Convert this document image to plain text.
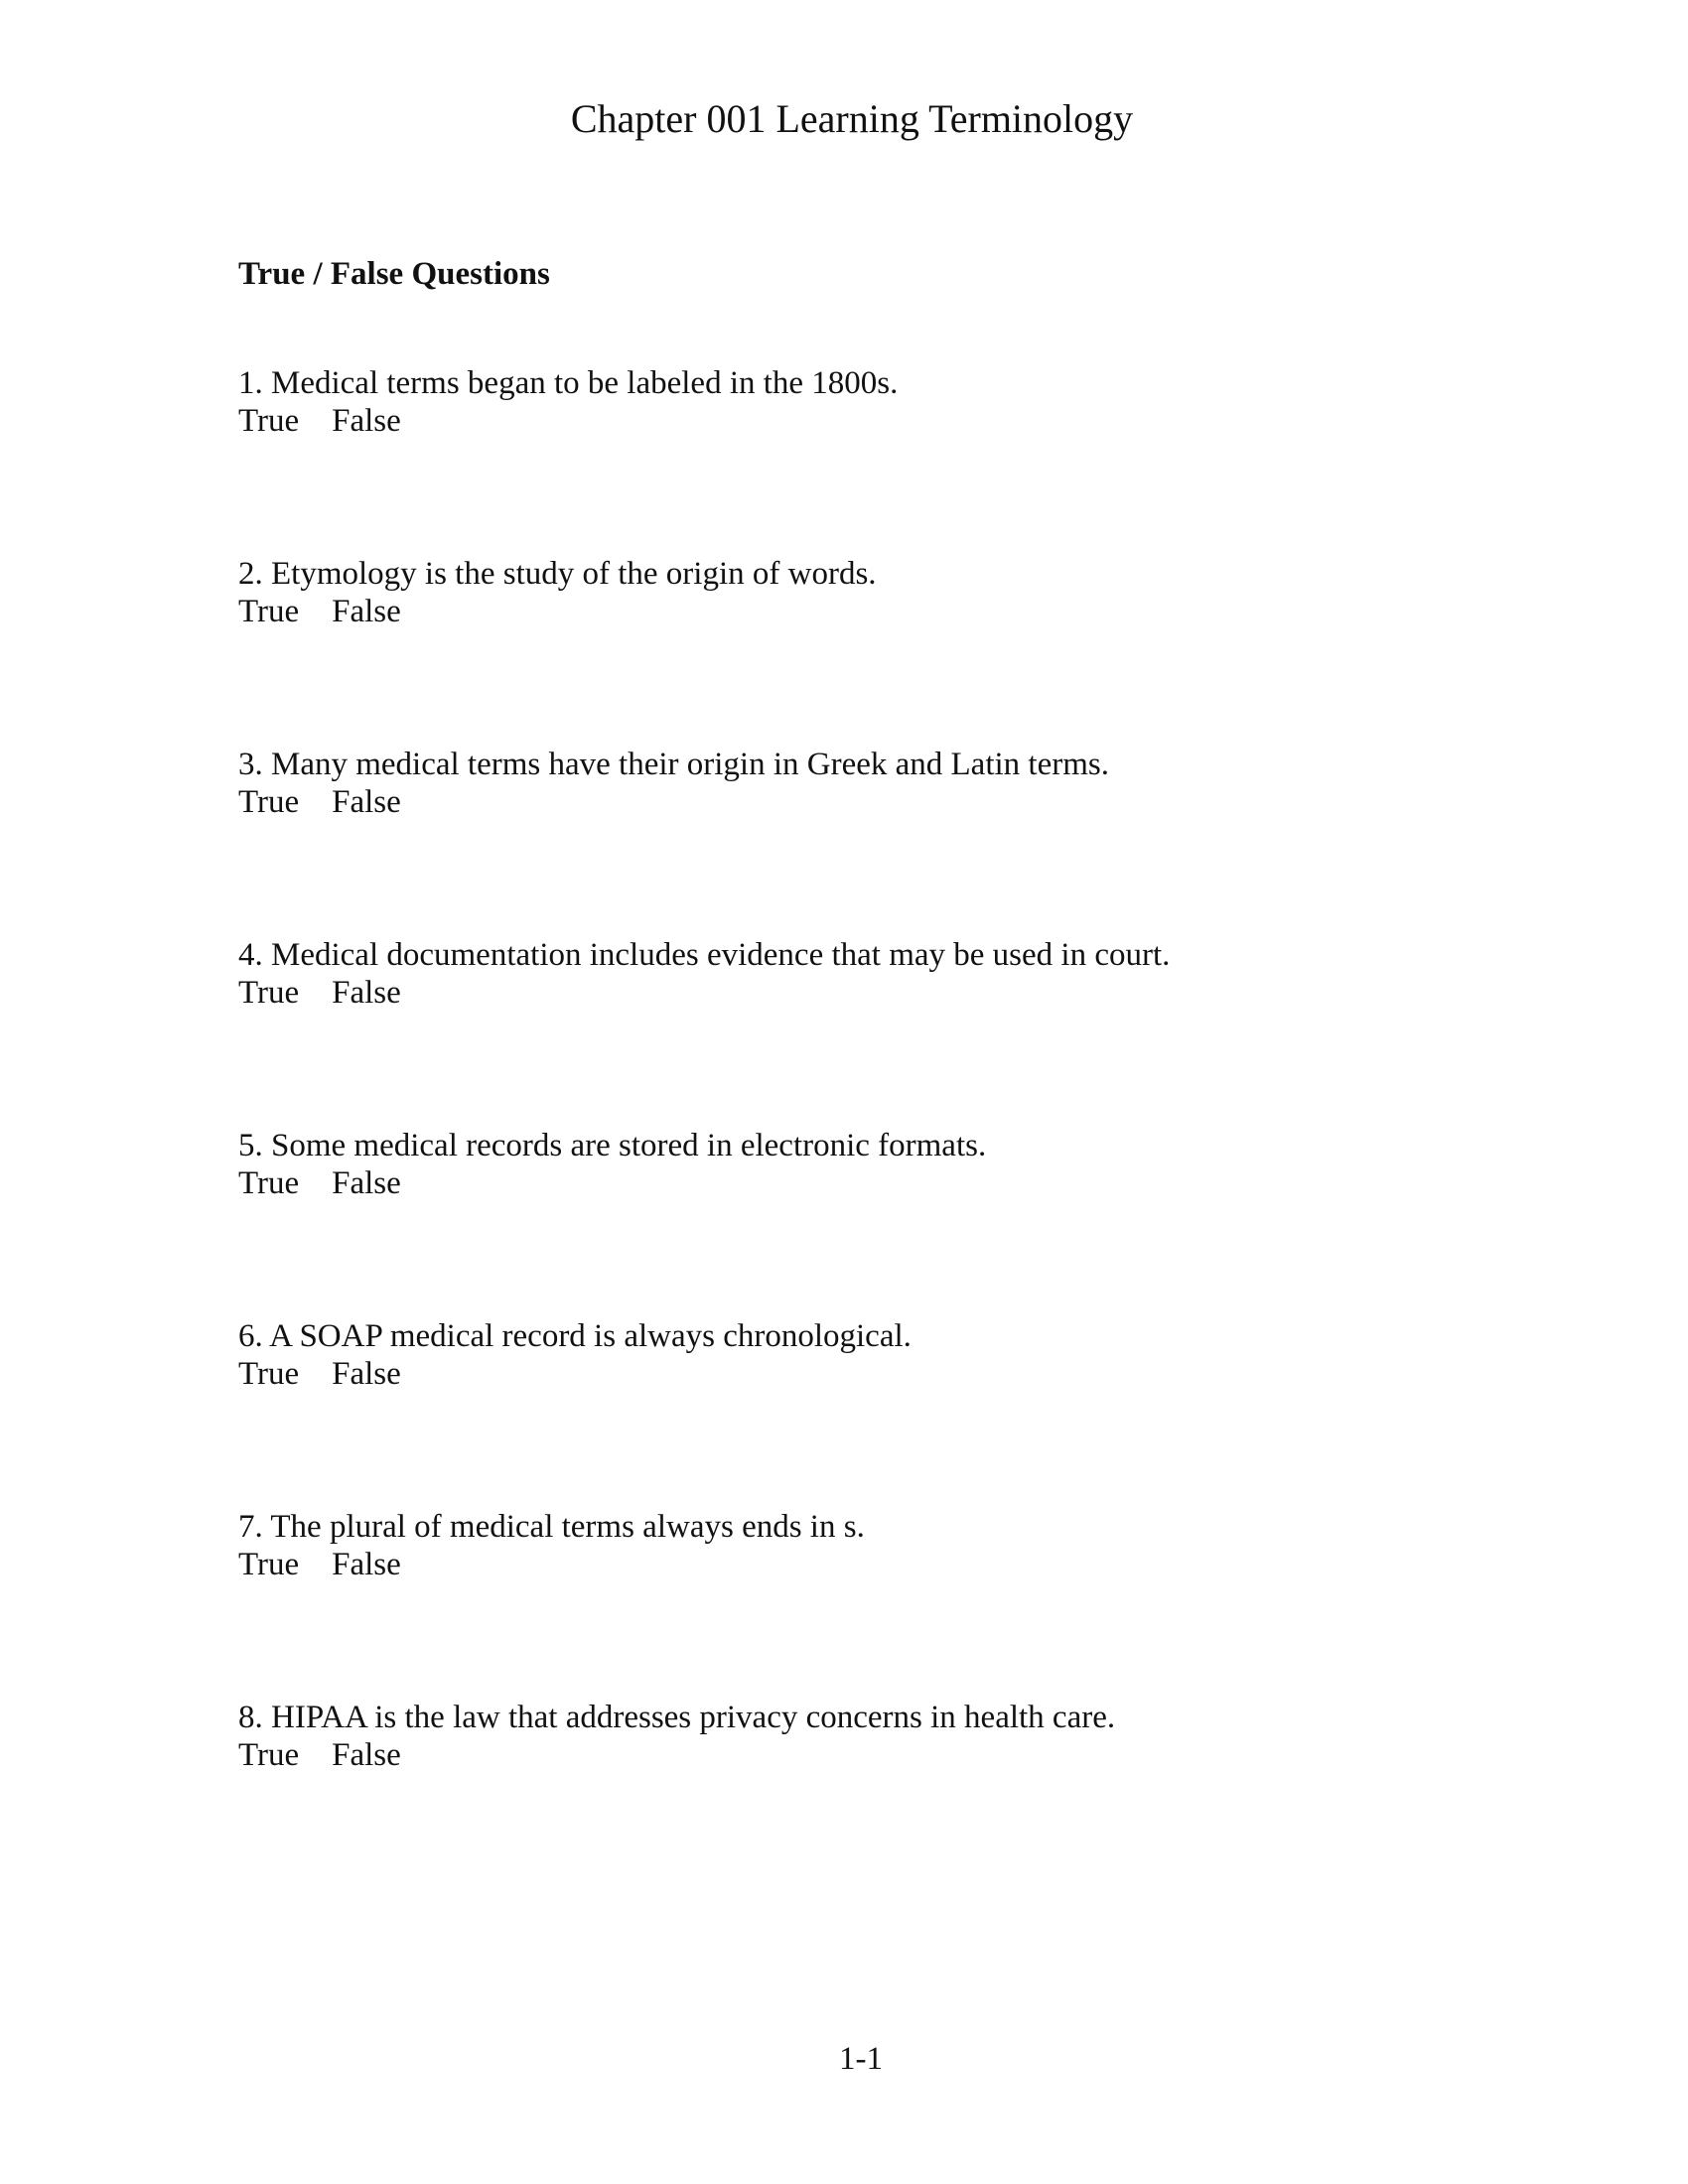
Chapter 001 Learning Terminology
True / False Questions
1. Medical terms began to be labeled in the 1800s.
True False
2. Etymology is the study of the origin of words.
True False
3. Many medical terms have their origin in Greek and Latin terms.
True False
4. Medical documentation includes evidence that may be used in court.
True False
5. Some medical records are stored in electronic formats.
True False
6. A SOAP medical record is always chronological.
True False
7. The plural of medical terms always ends in s.
True False
8. HIPAA is the law that addresses privacy concerns in health care.
True False
1-1
